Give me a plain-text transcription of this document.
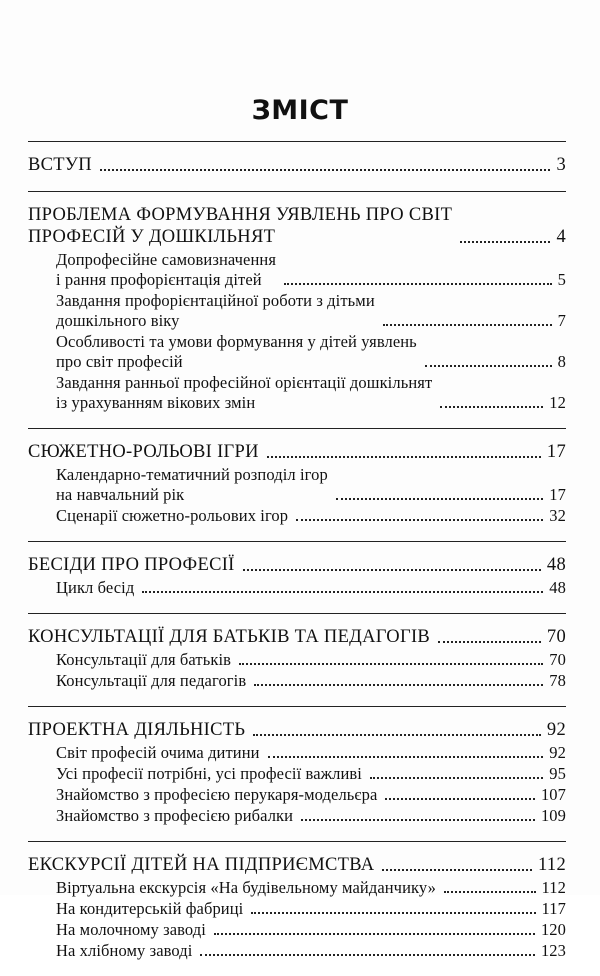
ЗМІСТ
ВСТУП	3
ПРОБЛЕМА ФОРМУВАННЯ УЯВЛЕНЬ ПРО СВІТ
ПРОФЕСІЙ У ДОШКІЛЬНЯТ	4
Допрофесійне самовизначення
і рання профорієнтація дітей	5
Завдання профорієнтаційної роботи з дітьми
дошкільного віку	7
Особливості та умови формування у дітей уявлень
про світ професій	8
Завдання ранньої професійної орієнтації дошкільнят
із урахуванням вікових змін	12
СЮЖЕТНО-РОЛЬОВІ ІГРИ	17
Календарно-тематичний розподіл ігор
на навчальний рік	17
Сценарії сюжетно-рольових ігор	32
БЕСІДИ ПРО ПРОФЕСІЇ	48
Цикл бесід	48
КОНСУЛЬТАЦІЇ ДЛЯ БАТЬКІВ ТА ПЕДАГОГІВ	70
Консультації для батьків	70
Консультації для педагогів	78
ПРОЕКТНА ДІЯЛЬНІСТЬ	92
Світ професій очима дитини	92
Усі професії потрібні, усі професії важливі	95
Знайомство з професією перукаря-модельєра	107
Знайомство з професією рибалки	109
ЕКСКУРСІЇ ДІТЕЙ НА ПІДПРИЄМСТВА	112
Віртуальна екскурсія «На будівельному майданчику»	112
На кондитерській фабриці	117
На молочному заводі	120
На хлібному заводі	123
